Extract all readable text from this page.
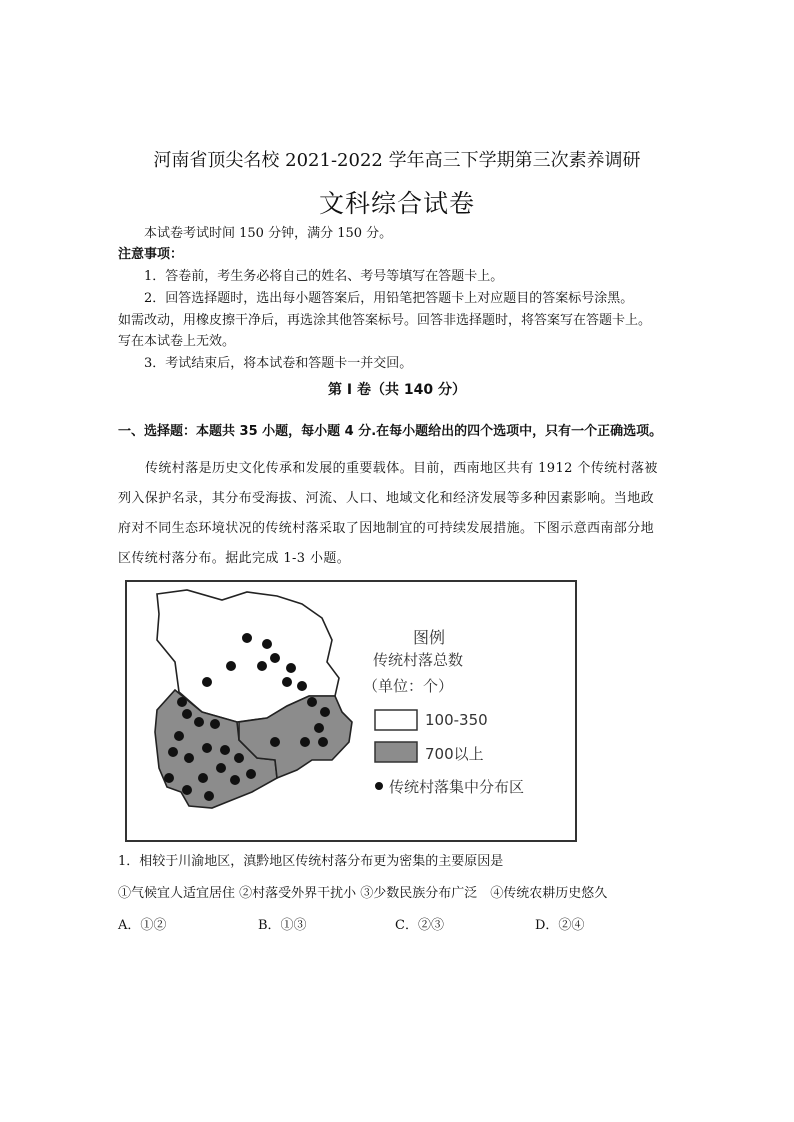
河南省顶尖名校 2021-2022 学年高三下学期第三次素养调研
文科综合试卷
本试卷考试时间 150 分钟，满分 150 分。
注意事项：
1．答卷前，考生务必将自己的姓名、考号等填写在答题卡上。
2．回答选择题时，选出每小题答案后，用铅笔把答题卡上对应题目的答案标号涂黑。
如需改动，用橡皮擦干净后，再选涂其他答案标号。回答非选择题时，将答案写在答题卡上。
写在本试卷上无效。
3．考试结束后，将本试卷和答题卡一并交回。
第 Ⅰ 卷（共 140 分）
一、选择题：本题共 35 小题，每小题 4 分.在每小题给出的四个选项中，只有一个正确选项。
传统村落是历史文化传承和发展的重要载体。目前，西南地区共有 1912 个传统村落被
列入保护名录，其分布受海拔、河流、人口、地域文化和经济发展等多种因素影响。当地政
府对不同生态环境状况的传统村落采取了因地制宜的可持续发展措施。下图示意西南部分地
区传统村落分布。据此完成 1-3 小题。
图例
传统村落总数
（单位：个）
100-350
700以上
传统村落集中分布区
1．相较于川渝地区，滇黔地区传统村落分布更为密集的主要原因是
①气候宜人适宜居住 ②村落受外界干扰小 ③少数民族分布广泛　④传统农耕历史悠久
A．①②	B．①③	C．②③	D．②④
